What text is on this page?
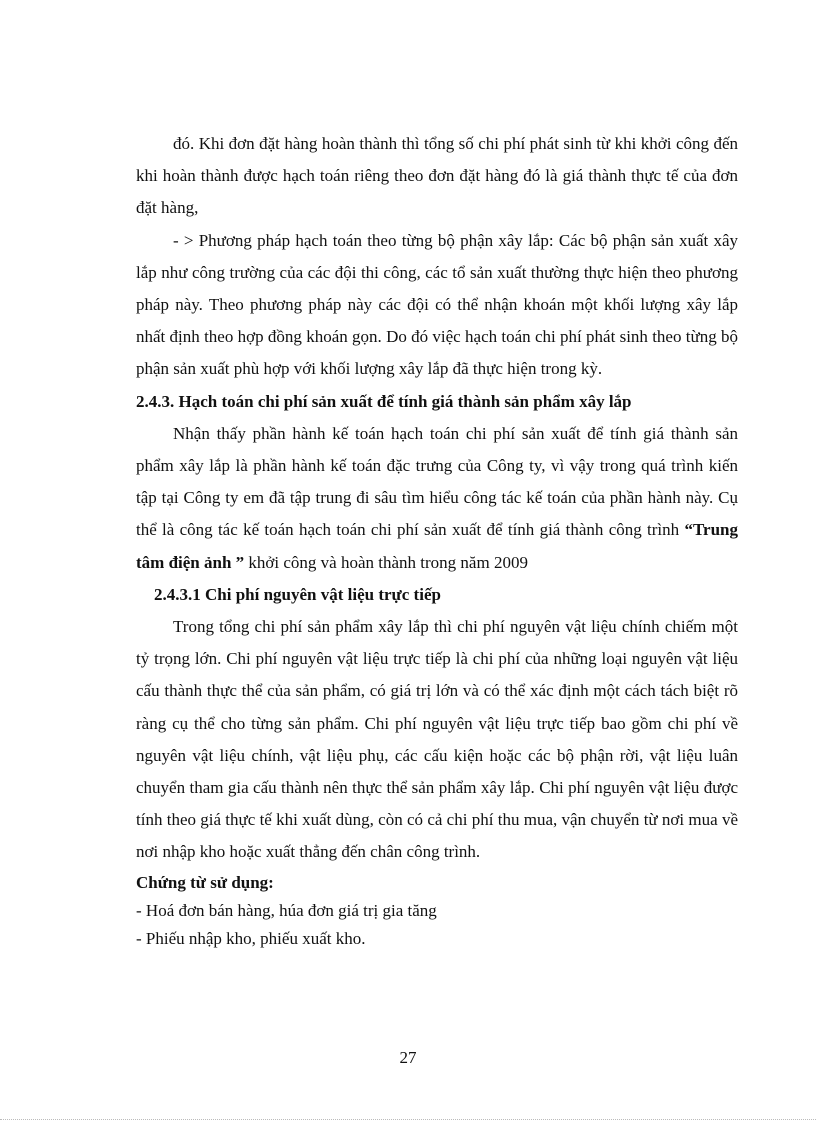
đó. Khi đơn đặt hàng hoàn thành thì tổng số chi phí phát sinh từ khi khởi công đến khi hoàn thành được hạch toán riêng theo đơn đặt hàng đó là giá thành thực tế của đơn đặt hàng,

- > Phương pháp hạch toán theo từng bộ phận xây lắp: Các bộ phận sản xuất xây lắp như công trường của các đội thi công, các tổ sản xuất thường thực hiện theo phương pháp này. Theo phương pháp này các đội có thể nhận khoán một khối lượng xây lắp nhất định theo hợp đồng khoán gọn. Do đó việc hạch toán chi phí phát sinh theo từng bộ phận sản xuất phù hợp với khối lượng xây lắp đã thực hiện trong kỳ.

2.4.3. Hạch toán chi phí sản xuất để tính giá thành sản phẩm xây lắp

Nhận thấy phần hành kế toán hạch toán chi phí sản xuất để tính giá thành sản phẩm xây lắp là phần hành kế toán đặc trưng của Công ty, vì vậy trong quá trình kiến tập tại Công ty em đã tập trung đi sâu tìm hiểu công tác kế toán của phần hành này. Cụ thể là công tác kế toán hạch toán chi phí sản xuất để tính giá thành công trình “Trung tâm điện ảnh ” khởi công và hoàn thành trong năm 2009

2.4.3.1 Chi phí nguyên vật liệu trực tiếp

Trong tổng chi phí sản phẩm xây lắp thì chi phí nguyên vật liệu chính chiếm một tỷ trọng lớn. Chi phí nguyên vật liệu trực tiếp là chi phí của những loại nguyên vật liệu cấu thành thực thể của sản phẩm, có giá trị lớn và có thể xác định một cách tách biệt rõ ràng cụ thể cho từng sản phẩm. Chi phí nguyên vật liệu trực tiếp bao gồm chi phí về nguyên vật liệu chính, vật liệu phụ, các cấu kiện hoặc các bộ phận rời, vật liệu luân chuyển tham gia cấu thành nên thực thể sản phẩm xây lắp. Chi phí nguyên vật liệu được tính theo giá thực tế khi xuất dùng, còn có cả chi phí thu mua, vận chuyển từ nơi mua về nơi nhập kho hoặc xuất thẳng đến chân công trình.

Chứng từ sử dụng:
- Hoá đơn bán hàng, húa đơn giá trị gia tăng
- Phiếu nhập kho, phiếu xuất kho.
27
